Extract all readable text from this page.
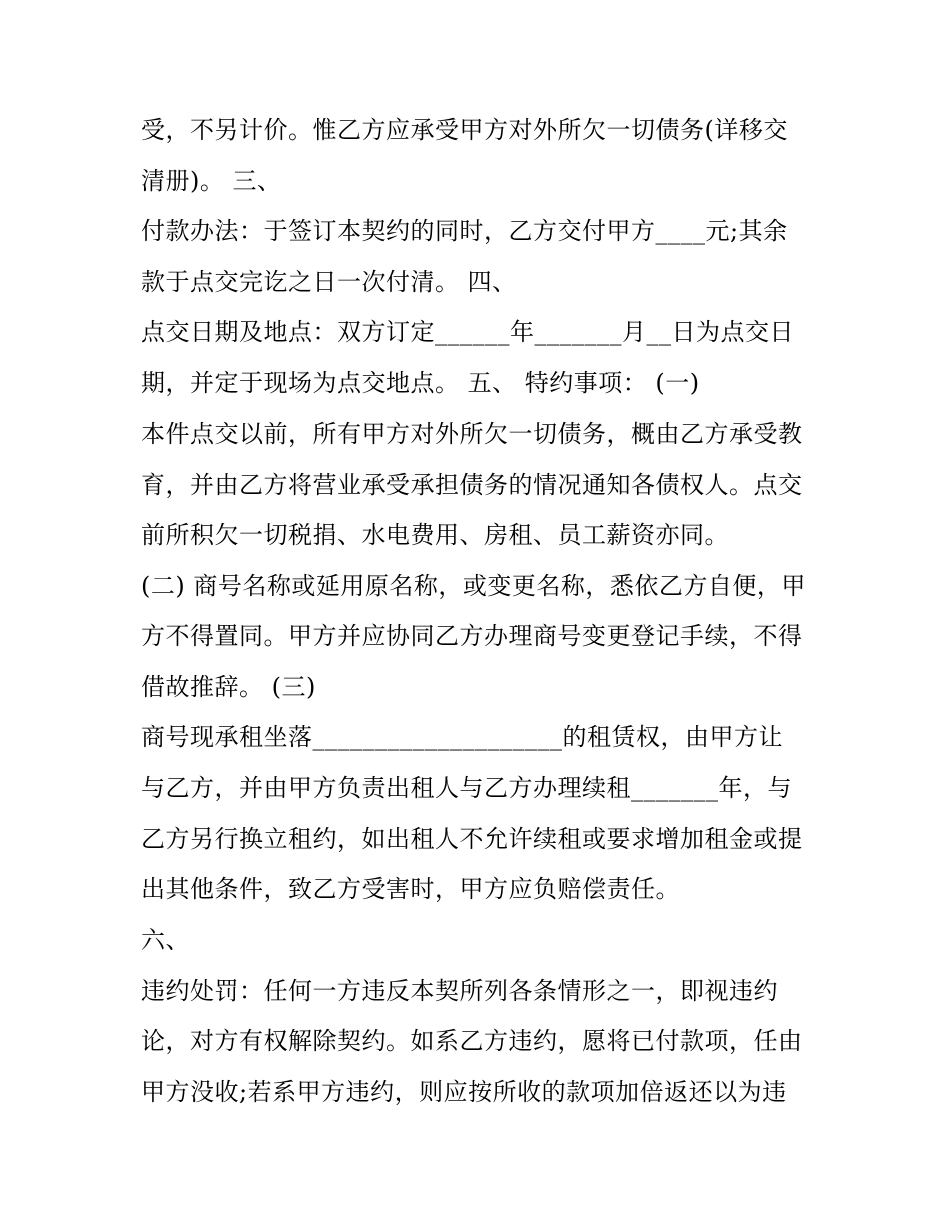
受，不另计价。惟乙方应承受甲方对外所欠一切债务(详移交
清册)。 三、
付款办法：于签订本契约的同时，乙方交付甲方____元;其余
款于点交完讫之日一次付清。 四、
点交日期及地点：双方订定______年_______月__日为点交日
期，并定于现场为点交地点。 五、 特约事项： (一)
本件点交以前，所有甲方对外所欠一切债务，概由乙方承受教
育，并由乙方将营业承受承担债务的情况通知各债权人。点交
前所积欠一切税捐、水电费用、房租、员工薪资亦同。
(二) 商号名称或延用原名称，或变更名称，悉依乙方自便，甲
方不得置同。甲方并应协同乙方办理商号变更登记手续，不得
借故推辞。 (三)
商号现承租坐落____________________的租赁权，由甲方让
与乙方，并由甲方负责出租人与乙方办理续租_______年，与
乙方另行换立租约，如出租人不允许续租或要求增加租金或提
出其他条件，致乙方受害时，甲方应负赔偿责任。
六、
违约处罚：任何一方违反本契所列各条情形之一，即视违约
论，对方有权解除契约。如系乙方违约，愿将已付款项，任由
甲方没收;若系甲方违约，则应按所收的款项加倍返还以为违
